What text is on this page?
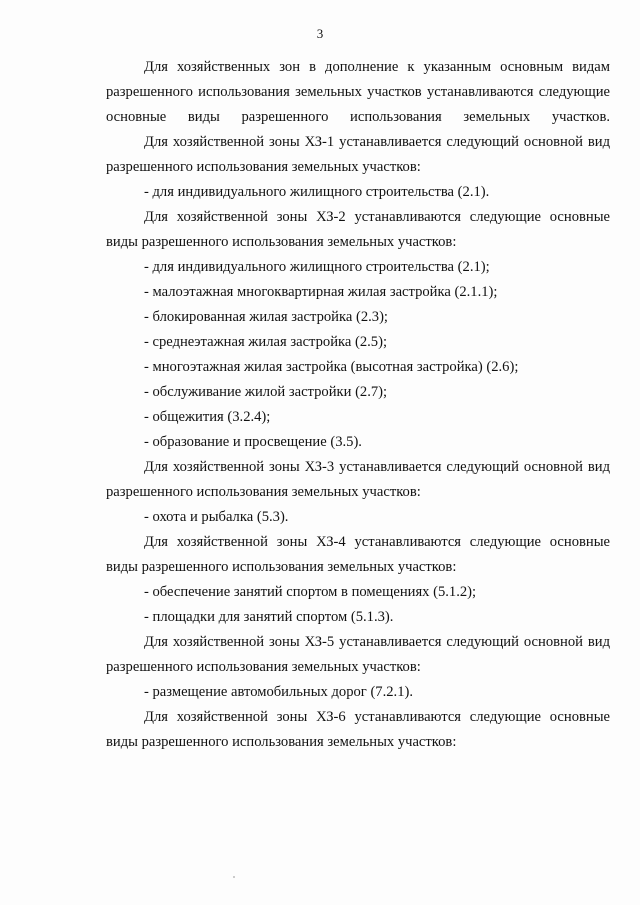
3

Для хозяйственных зон в дополнение к указанным основным видам разрешенного использования земельных участков устанавливаются следующие основные виды разрешенного использования земельных участков.

Для хозяйственной зоны ХЗ-1 устанавливается следующий основной вид разрешенного использования земельных участков:

- для индивидуального жилищного строительства (2.1).

Для хозяйственной зоны ХЗ-2 устанавливаются следующие основные виды разрешенного использования земельных участков:

- для индивидуального жилищного строительства (2.1);

- малоэтажная многоквартирная жилая застройка (2.1.1);

- блокированная жилая застройка (2.3);

- среднеэтажная жилая застройка (2.5);

- многоэтажная жилая застройка (высотная застройка) (2.6);

- обслуживание жилой застройки (2.7);

- общежития (3.2.4);

- образование и просвещение (3.5).

Для хозяйственной зоны ХЗ-3 устанавливается следующий основной вид разрешенного использования земельных участков:

- охота и рыбалка (5.3).

Для хозяйственной зоны ХЗ-4 устанавливаются следующие основные виды разрешенного использования земельных участков:

- обеспечение занятий спортом в помещениях (5.1.2);

- площадки для занятий спортом (5.1.3).

Для хозяйственной зоны ХЗ-5 устанавливается следующий основной вид разрешенного использования земельных участков:

- размещение автомобильных дорог (7.2.1).

Для хозяйственной зоны ХЗ-6 устанавливаются следующие основные виды разрешенного использования земельных участков:
